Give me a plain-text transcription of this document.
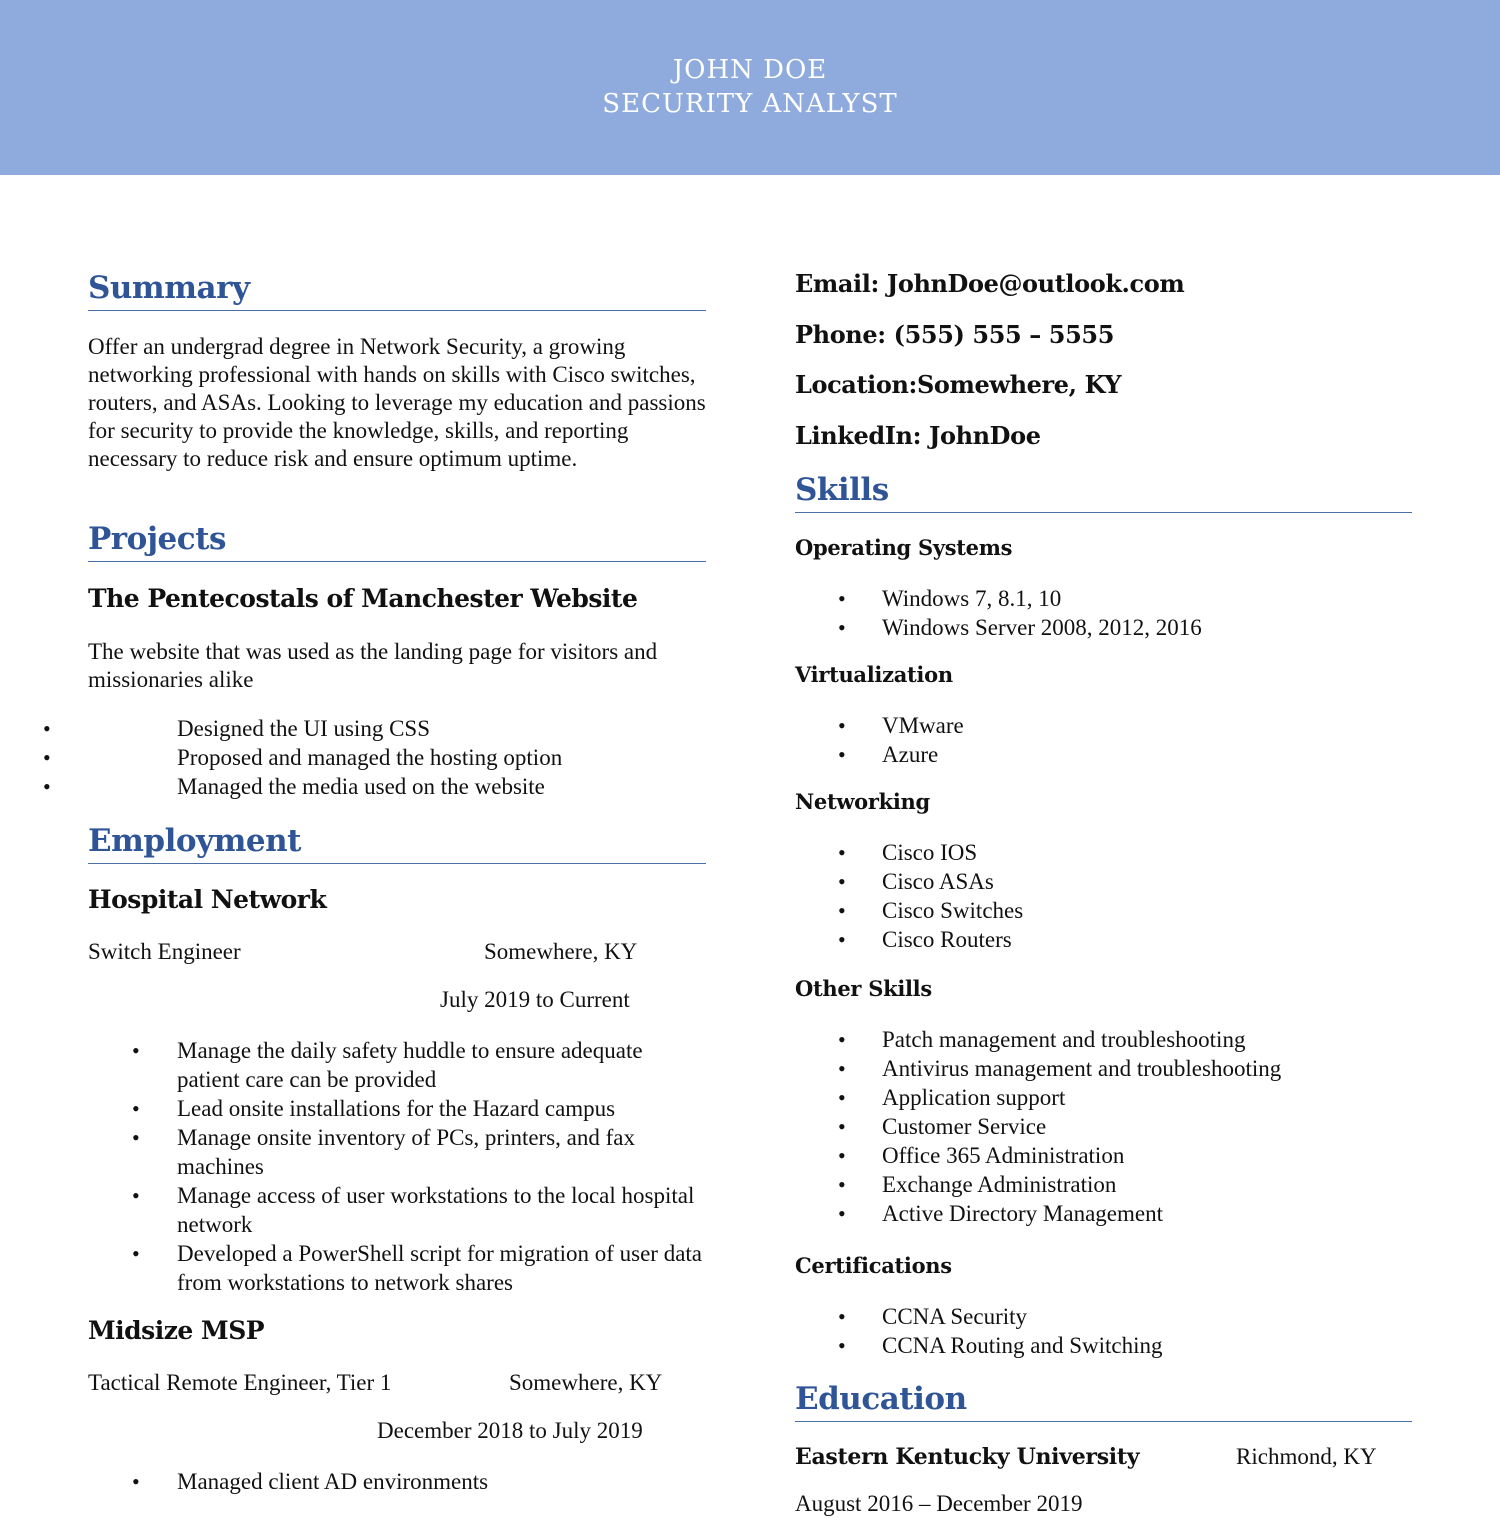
JOHN DOE
SECURITY ANALYST
Summary
Offer an undergrad degree in Network Security, a growing networking professional with hands on skills with Cisco switches, routers, and ASAs. Looking to leverage my education and passions for security to provide the knowledge, skills, and reporting necessary to reduce risk and ensure optimum uptime.
Projects
The Pentecostals of Manchester Website
The website that was used as the landing page for visitors and missionaries alike
• Designed the UI using CSS
• Proposed and managed the hosting option
• Managed the media used on the website
Employment
Hospital Network
Switch Engineer	Somewhere, KY
July 2019 to Current
• Manage the daily safety huddle to ensure adequate patient care can be provided
• Lead onsite installations for the Hazard campus
• Manage onsite inventory of PCs, printers, and fax machines
• Manage access of user workstations to the local hospital network
• Developed a PowerShell script for migration of user data from workstations to network shares
Midsize MSP
Tactical Remote Engineer, Tier 1	Somewhere, KY
December 2018 to July 2019
• Managed client AD environments
Email: JohnDoe@outlook.com
Phone: (555) 555 – 5555
Location:Somewhere, KY
LinkedIn: JohnDoe
Skills
Operating Systems
• Windows 7, 8.1, 10
• Windows Server 2008, 2012, 2016
Virtualization
• VMware
• Azure
Networking
• Cisco IOS
• Cisco ASAs
• Cisco Switches
• Cisco Routers
Other Skills
• Patch management and troubleshooting
• Antivirus management and troubleshooting
• Application support
• Customer Service
• Office 365 Administration
• Exchange Administration
• Active Directory Management
Certifications
• CCNA Security
• CCNA Routing and Switching
Education
Eastern Kentucky University	Richmond, KY
August 2016 – December 2019
